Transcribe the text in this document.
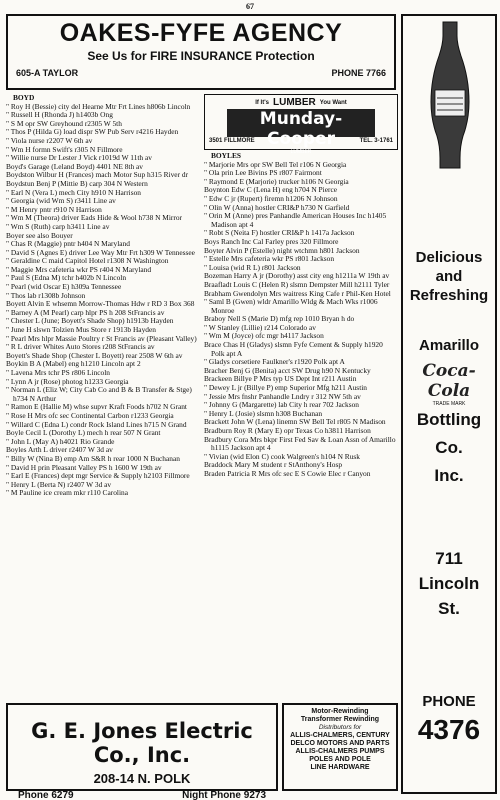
67
OAKES-FYFE AGENCY
See Us for FIRE INSURANCE Protection
605-A TAYLOR	PHONE 7766
BOYD
" Roy H (Bessie) city del Hearne Mtr Frt Lines h806b Lincoln
" Russell H (Rhonda J) h1403b Ong
" S M opr SW Greyhound r2305 W 5th
" Thos P (Hilda G) load dispr SW Pub Serv r4216 Hayden
" Viola nurse r2207 W 6th av
" Wm H formn Swift's r305 N Fillmore
" Willie nurse Dr Lester J Vick r1019d W 11th av
Boyd's Garage (Leland Boyd) 4401 NE 8th av
Boydston Wilbur H (Frances) mach Motor Sup h315 River dr
Boydstun Benj P (Mittie B) carp 304 N Western
" Earl N (Vera L) mech City h910 N Harrison
" Georgia (wid Wm S) r3411 Line av
" M Henry pntr r910 N Harrison
" Wm M (Theora) driver Eads Hide & Wool h738 N Mirror
" Wm S (Ruth) carp h3411 Line av
Boyer see also Bouyer
" Chas R (Maggie) pntr h404 N Maryland
" David S (Agnes E) driver Lee Way Mtr Frt h309 W Tennessee
" Geraldine C maid Capitol Hotel r1308 N Washington
" Maggie Mrs cafeteria wkr PS r404 N Maryland
" Paul S (Edna M) tchr h402b N Lincoln
" Pearl (wid Oscar E) h309a Tennessee
" Thos lab r1308b Johnson
Boyett Alvin E whsemn Morrow-Thomas Hdw r RD 3 Box 368
" Barney A (M Pearl) carp hlpr PS h 208 StFrancis av
" Chester L (June; Boyett's Shade Shop) h1913b Hayden
" June H slswn Tolzien Mus Store r 1913b Hayden
" Pearl Mrs hlpr Massie Poultry r St Francis av (Pleasant Valley)
" R L driver Whites Auto Stores r208 StFrancis av
Boyett's Shade Shop (Chester L Boyett) rear 2508 W 6th av
Boykin B A (Mabel) eng h1210 Lincoln apt 2
" Lavena Mrs tchr PS r806 Lincoln
" Lynn A jr (Rose) photog h1233 Georgia
" Norman L (Eliz W; City Cab Co and B & B Transfer & Stge) h734 N Arthur
" Ramon E (Hallie M) whse supvr Kraft Foods h702 N Grant
" Rose H Mrs ofc sec Continental Carbon r1233 Georgia
" Willard C (Edna L) condr Rock Island Lines h715 N Grand
Boyle Cecil L (Dorothy L) mech h rear 507 N Grant
" John L (May A) h4021 Rio Grande
Boyles Arth L driver r2407 W 3d av
" Billy W (Nina B) emp Am S&R h rear 1000 N Buchanan
" David H prin Pleasant Valley PS h 1600 W 19th av
" Earl E (Frances) dept mgr Service & Supply h2103 Fillmore
" Henry L (Berta N) r2407 W 3d av
" M Pauline ice cream mkr r110 Carolina
If It's LUMBER You Want
Munday-Cooper
LUMBER
3501 FILLMORE	TEL. 3-1761
BOYLES
" Marjorie Mrs opr SW Bell Tel r106 N Georgia
" Ola prin Lee Bivins PS r807 Fairmont
" Raymond E (Marjorie) trucker h106 N Georgia
Boynton Edw C (Lena H) eng h704 N Pierce
" Edw C jr (Rupert) firemn h1206 N Johnson
" Olin W (Anna) hostler CRI&P h730 N Garfield
" Orin M (Anne) pres Panhandle American Houses Inc h1405 Madison apt 4
" Robt S (Neita F) hostler CRI&P h 1417a Jackson
Boys Ranch Inc Cal Farley pres 320 Fillmore
Boyter Alvin P (Estelle) night wtchmn h801 Jackson
" Estelle Mrs cafeteria wkr PS r801 Jackson
" Louisa (wid R L) r801 Jackson
Bozeman Harry A jr (Dorothy) asst city eng h1211a W 19th av
Braafladt Louis C (Helen R) slsmn Dempster Mill h2111 Tyler
Brabham Gwendolyn Mrs waitress King Cafe r Phil-Ken Hotel
" Saml B (Gwen) wldr Amarillo Wldg & Mach Wks r1006 Monroe
Braboy Nell S (Marie D) mfg rep 1010 Bryan h do
" W Stanley (Lillie) r214 Colorado av
" Wm M (Joyce) ofc mgr h4117 Jackson
Brace Chas H (Gladys) slsmn Fyfe Cement & Supply h1920 Polk apt A
" Gladys corsetiere Faulkner's r1920 Polk apt A
Bracher Benj G (Benita) acct SW Drug h90 N Kentucky
Brackeen Billye P Mrs typ US Dept Int r211 Austin
" Dewey L jr (Billye P) emp Superior Mfg h211 Austin
" Jessie Mrs fnshr Panhandle Lndry r 312 NW 5th av
" Johnny G (Margarette) lab City h rear 702 Jackson
" Henry L (Josie) slsmn h308 Buchanan
Brackett John W (Lena) linemn SW Bell Tel r805 N Madison
Bradburn Roy R (Mary E) opr Texas Co h3811 Harrison
Bradbury Cora Mrs bkpr First Fed Sav & Loan Assn of Amarillo h1115 Jackson apt 4
" Vivian (wid Elon C) cook Walgreen's h104 N Rusk
Braddock Mary M student r StAnthony's Hosp
Braden Patricia R Mrs ofc sec E S Cowie Elec r Canyon
Delicious
and
Refreshing
Amarillo
Coca-Cola
TRADE MARK
Bottling
Co.
Inc.
711
Lincoln
St.
PHONE
4376
G. E. Jones Electric Co., Inc.
208-14 N. POLK
Phone 6279	Night Phone 9273
Motor-Rewinding
Transformer Rewinding
Distributors for
ALLIS-CHALMERS, CENTURY
DELCO MOTORS AND PARTS
ALLIS-CHALMERS PUMPS
POLES AND POLE
LINE HARDWARE
